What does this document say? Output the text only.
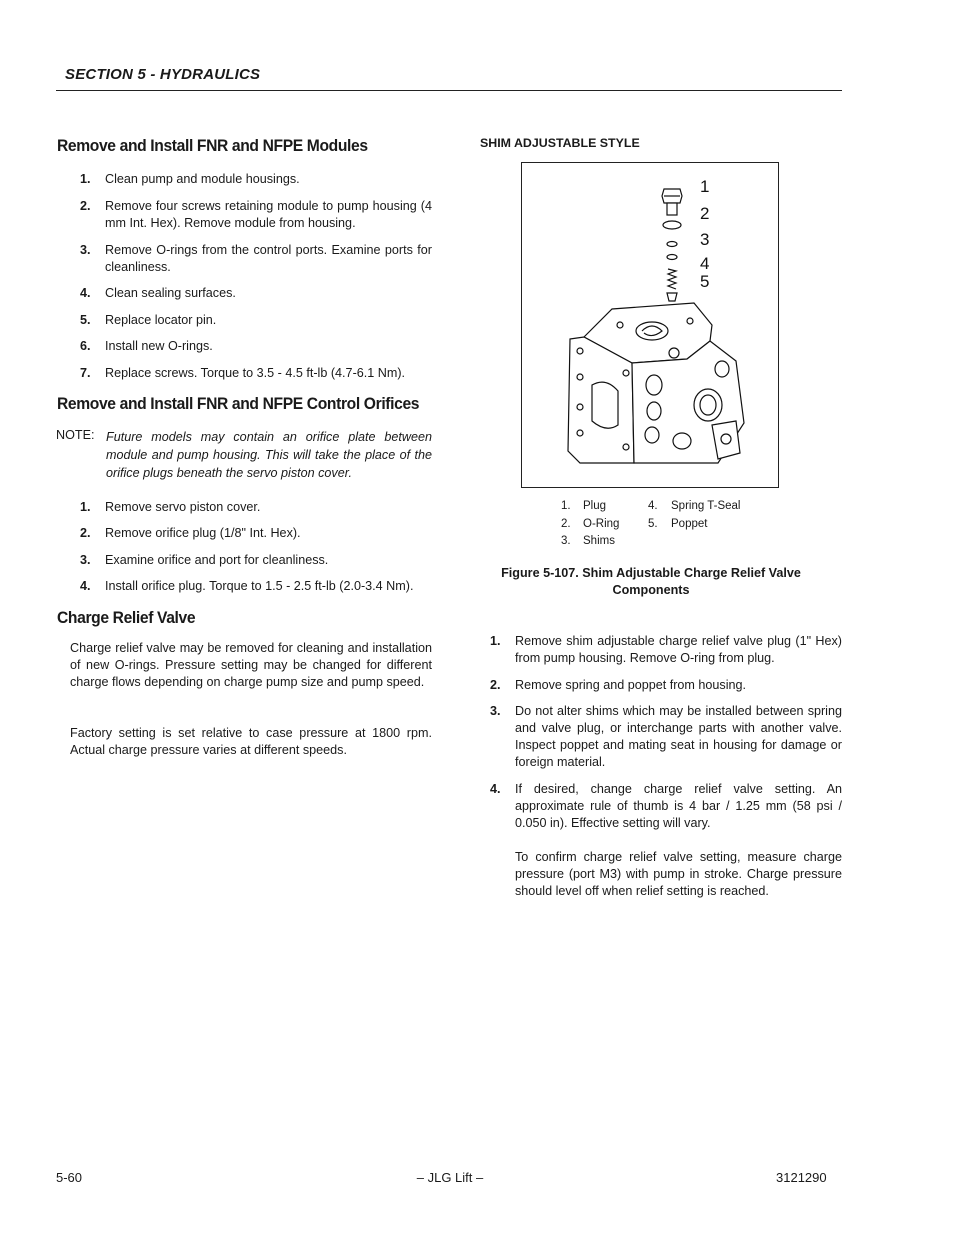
SECTION 5 - HYDRAULICS
Remove and Install FNR and NFPE Modules
1. Clean pump and module housings.
2. Remove four screws retaining module to pump housing (4 mm Int. Hex). Remove module from housing.
3. Remove O-rings from the control ports. Examine ports for cleanliness.
4. Clean sealing surfaces.
5. Replace locator pin.
6. Install new O-rings.
7. Replace screws. Torque to 3.5 - 4.5 ft-lb (4.7-6.1 Nm).
Remove and Install FNR and NFPE Control Orifices
NOTE: Future models may contain an orifice plate between module and pump housing. This will take the place of the orifice plugs beneath the servo piston cover.
1. Remove servo piston cover.
2. Remove orifice plug (1/8" Int. Hex).
3. Examine orifice and port for cleanliness.
4. Install orifice plug. Torque to 1.5 - 2.5 ft-lb (2.0-3.4 Nm).
Charge Relief Valve
Charge relief valve may be removed for cleaning and installation of new O-rings. Pressure setting may be changed for different charge flows depending on charge pump size and pump speed.
Factory setting is set relative to case pressure at 1800 rpm. Actual charge pressure varies at different speeds.
SHIM ADJUSTABLE STYLE
1
2
3
4
5
1. Plug
2. O-Ring
3. Shims
4. Spring T-Seal
5. Poppet
Figure 5-107. Shim Adjustable Charge Relief Valve
Components
1. Remove shim adjustable charge relief valve plug (1" Hex) from pump housing. Remove O-ring from plug.
2. Remove spring and poppet from housing.
3. Do not alter shims which may be installed between spring and valve plug, or interchange parts with another valve. Inspect poppet and mating seat in housing for damage or foreign material.
4. If desired, change charge relief valve setting. An approximate rule of thumb is 4 bar / 1.25 mm (58 psi / 0.050 in). Effective setting will vary.
To confirm charge relief valve setting, measure charge pressure (port M3) with pump in stroke. Charge pressure should level off when relief setting is reached.
5-60	– JLG Lift –	3121290
